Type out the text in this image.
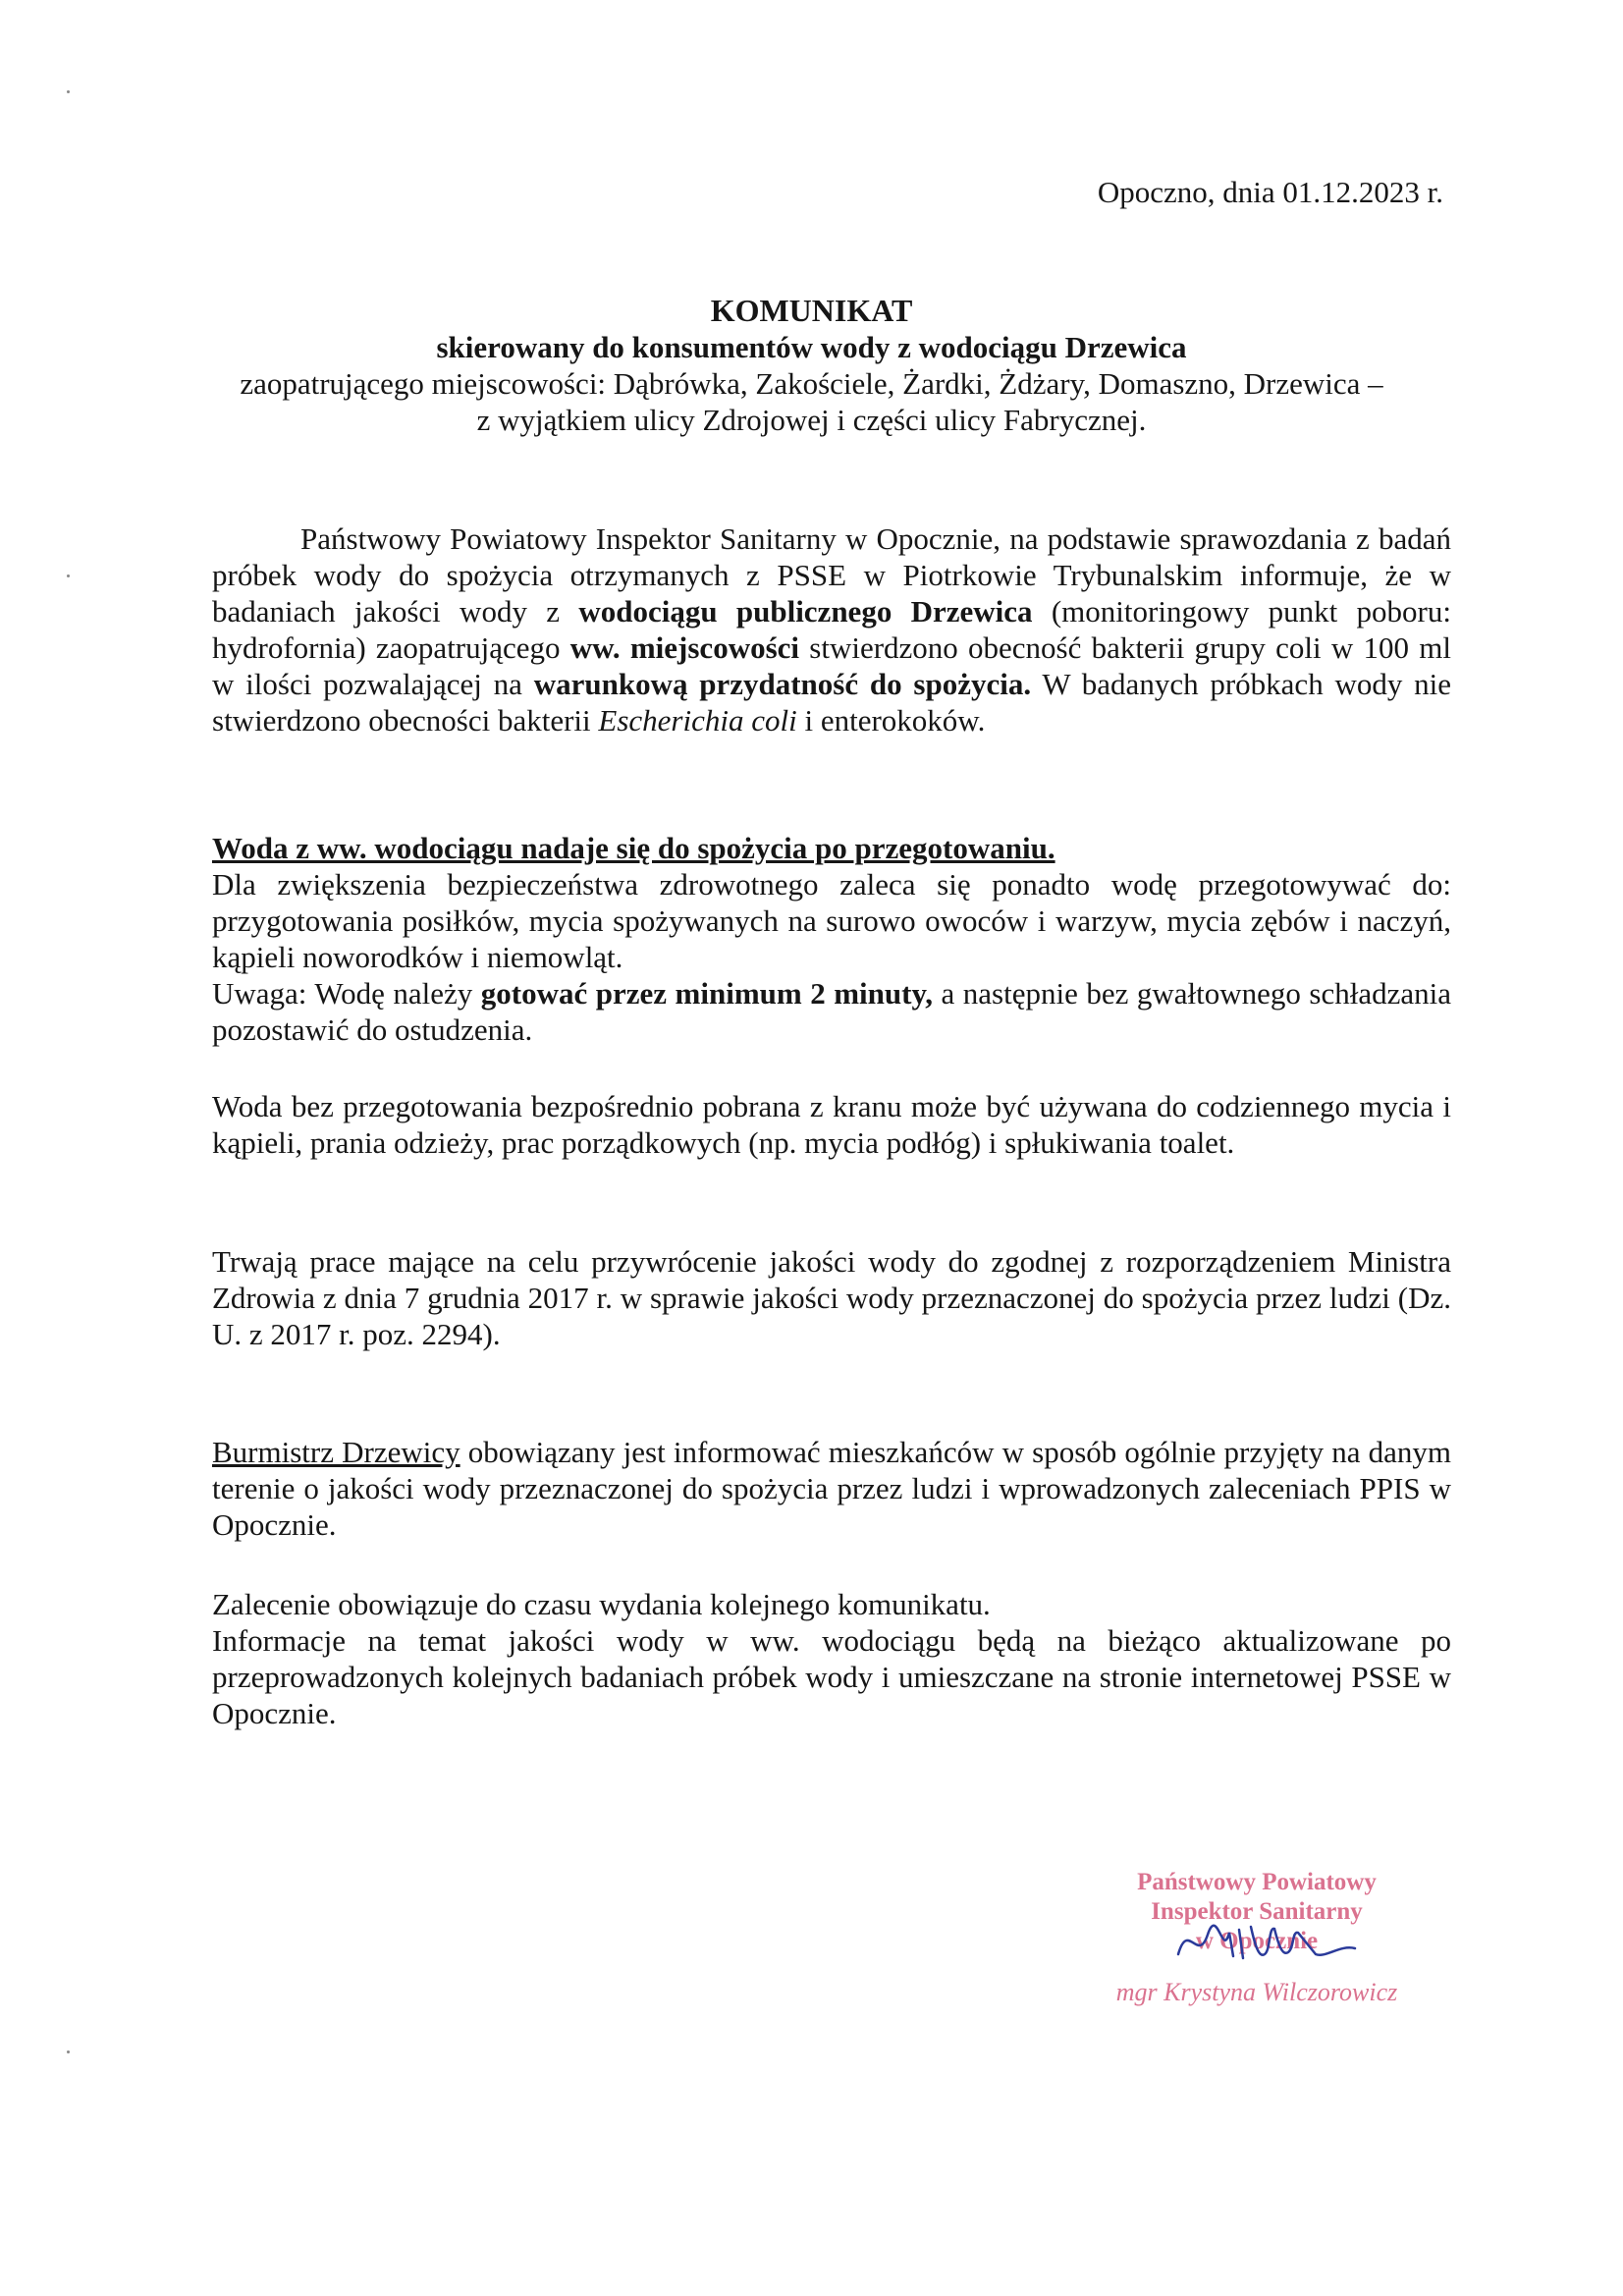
Opoczno, dnia 01.12.2023 r.
KOMUNIKAT
skierowany do konsumentów wody z wodociągu Drzewica
zaopatrującego miejscowości: Dąbrówka, Zakościele, Żardki, Żdżary, Domaszno, Drzewica –
z wyjątkiem ulicy Zdrojowej i części ulicy Fabrycznej.

Państwowy Powiatowy Inspektor Sanitarny w Opocznie, na podstawie sprawozdania z badań próbek wody do spożycia otrzymanych z PSSE w Piotrkowie Trybunalskim informuje, że w badaniach jakości wody z wodociągu publicznego Drzewica (monitoringowy punkt poboru: hydrofornia) zaopatrującego ww. miejscowości stwierdzono obecność bakterii grupy coli w 100 ml w ilości pozwalającej na warunkową przydatność do spożycia. W badanych próbkach wody nie stwierdzono obecności bakterii Escherichia coli i enterokoków.

Woda z ww. wodociągu nadaje się do spożycia po przegotowaniu.

Dla zwiększenia bezpieczeństwa zdrowotnego zaleca się ponadto wodę przegotowywać do: przygotowania posiłków, mycia spożywanych na surowo owoców i warzyw, mycia zębów i naczyń, kąpieli noworodków i niemowląt.

Uwaga: Wodę należy gotować przez minimum 2 minuty, a następnie bez gwałtownego schładzania pozostawić do ostudzenia.

Woda bez przegotowania bezpośrednio pobrana z kranu może być używana do codziennego mycia i kąpieli, prania odzieży, prac porządkowych (np. mycia podłóg) i spłukiwania toalet.

Trwają prace mające na celu przywrócenie jakości wody do zgodnej z rozporządzeniem Ministra Zdrowia z dnia 7 grudnia 2017 r. w sprawie jakości wody przeznaczonej do spożycia przez ludzi (Dz. U. z 2017 r. poz. 2294).

Burmistrz Drzewicy obowiązany jest informować mieszkańców w sposób ogólnie przyjęty na danym terenie o jakości wody przeznaczonej do spożycia przez ludzi i wprowadzonych zaleceniach PPIS w Opocznie.

Zalecenie obowiązuje do czasu wydania kolejnego komunikatu.

Informacje na temat jakości wody w ww. wodociągu będą na bieżąco aktualizowane po przeprowadzonych kolejnych badaniach próbek wody i umieszczane na stronie internetowej PSSE w Opocznie.

Państwowy Powiatowy
Inspektor Sanitarny
w Opocznie
mgr Krystyna Wilczorowicz
